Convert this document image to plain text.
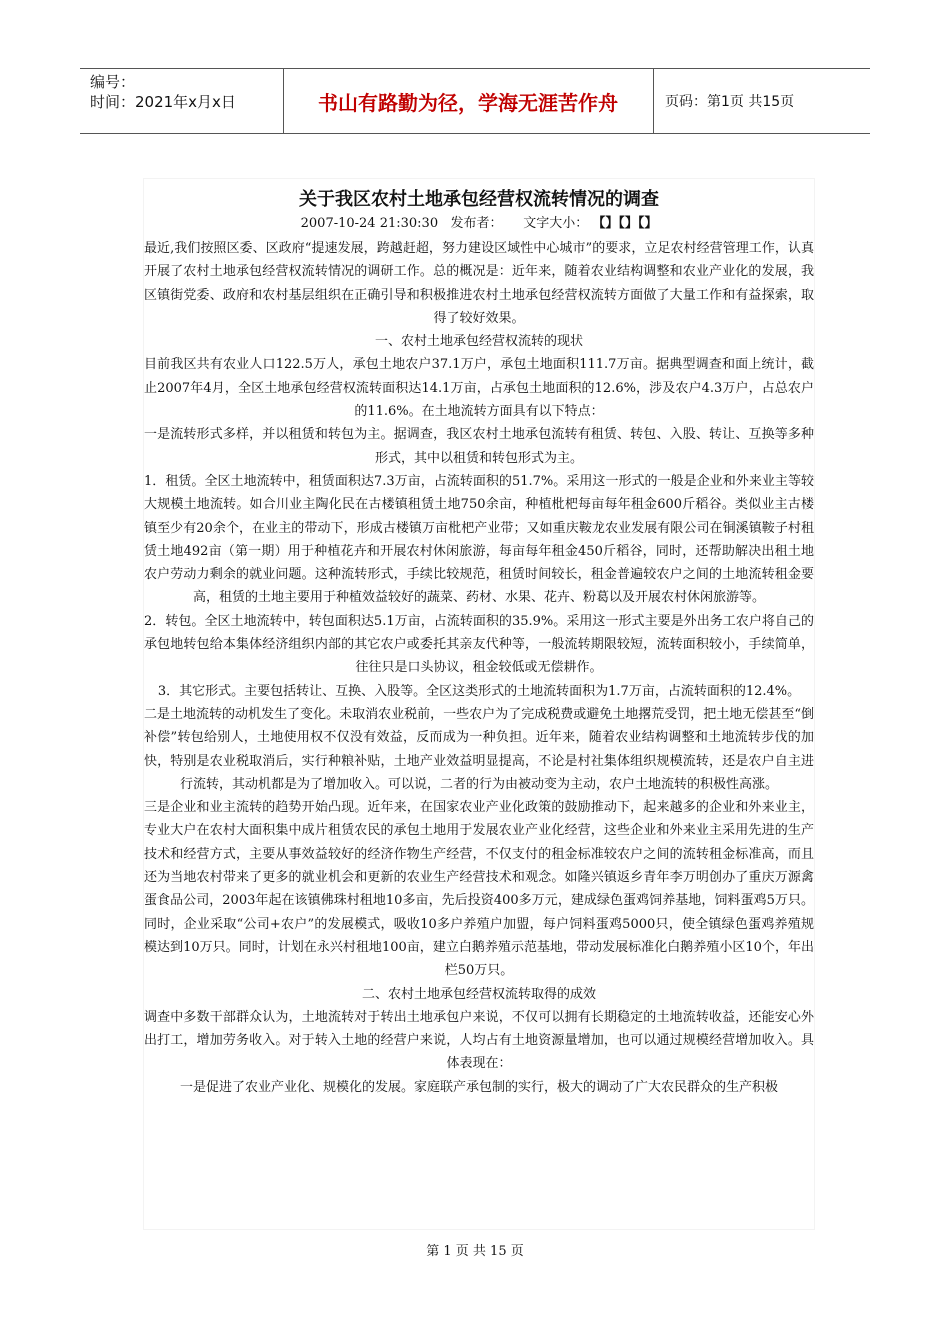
编号：
时间：2021年x月x日	书山有路勤为径，学海无涯苦作舟	页码：第1页 共15页
关于我区农村土地承包经营权流转情况的调查
2007-10-24 21:30:30 发布者： 文字大小： 【】【】【】

最近,我们按照区委、区政府“提速发展，跨越赶超，努力建设区域性中心城市”的要求，立足农村经营管理工作，认真开展了农村土地承包经营权流转情况的调研工作。总的概况是：近年来，随着农业结构调整和农业产业化的发展，我区镇街党委、政府和农村基层组织在正确引导和积极推进农村土地承包经营权流转方面做了大量工作和有益探索，取得了较好效果。

一、农村土地承包经营权流转的现状

目前我区共有农业人口122.5万人，承包土地农户37.1万户，承包土地面积111.7万亩。据典型调查和面上统计，截止2007年4月，全区土地承包经营权流转面积达14.1万亩，占承包土地面积的12.6%，涉及农户4.3万户，占总农户的11.6%。在土地流转方面具有以下特点：

一是流转形式多样，并以租赁和转包为主。据调查，我区农村土地承包流转有租赁、转包、入股、转让、互换等多种形式，其中以租赁和转包形式为主。

1．租赁。全区土地流转中，租赁面积达7.3万亩，占流转面积的51.7%。采用这一形式的一般是企业和外来业主等较大规模土地流转。如合川业主陶化民在古楼镇租赁土地750余亩，种植枇杷每亩每年租金600斤稻谷。类似业主古楼镇至少有20余个，在业主的带动下，形成古楼镇万亩枇杷产业带；又如重庆鞍龙农业发展有限公司在铜溪镇鞍子村租赁土地492亩（第一期）用于种植花卉和开展农村休闲旅游，每亩每年租金450斤稻谷，同时，还帮助解决出租土地农户劳动力剩余的就业问题。这种流转形式，手续比较规范，租赁时间较长，租金普遍较农户之间的土地流转租金要高，租赁的土地主要用于种植效益较好的蔬菜、药材、水果、花卉、粉葛以及开展农村休闲旅游等。

2．转包。全区土地流转中，转包面积达5.1万亩，占流转面积的35.9%。采用这一形式主要是外出务工农户将自己的承包地转包给本集体经济组织内部的其它农户或委托其亲友代种等，一般流转期限较短，流转面积较小，手续简单，往往只是口头协议，租金较低或无偿耕作。

3．其它形式。主要包括转让、互换、入股等。全区这类形式的土地流转面积为1.7万亩，占流转面积的12.4%。

二是土地流转的动机发生了变化。未取消农业税前，一些农户为了完成税费或避免土地撂荒受罚，把土地无偿甚至“倒补偿”转包给别人，土地使用权不仅没有效益，反而成为一种负担。近年来，随着农业结构调整和土地流转步伐的加快，特别是农业税取消后，实行种粮补贴，土地产业效益明显提高，不论是村社集体组织规模流转，还是农户自主进行流转，其动机都是为了增加收入。可以说，二者的行为由被动变为主动，农户土地流转的积极性高涨。

三是企业和业主流转的趋势开始凸现。近年来，在国家农业产业化政策的鼓励推动下，起来越多的企业和外来业主，专业大户在农村大面积集中成片租赁农民的承包土地用于发展农业产业化经营，这些企业和外来业主采用先进的生产技术和经营方式，主要从事效益较好的经济作物生产经营，不仅支付的租金标准较农户之间的流转租金标准高，而且还为当地农村带来了更多的就业机会和更新的农业生产经营技术和观念。如隆兴镇返乡青年李万明创办了重庆万源禽蛋食品公司，2003年起在该镇佛珠村租地10多亩，先后投资400多万元，建成绿色蛋鸡饲养基地，饲料蛋鸡5万只。同时，企业采取“公司+农户”的发展模式，吸收10多户养殖户加盟，每户饲料蛋鸡5000只，使全镇绿色蛋鸡养殖规模达到10万只。同时，计划在永兴村租地100亩，建立白鹅养殖示范基地，带动发展标准化白鹅养殖小区10个，年出栏50万只。

二、农村土地承包经营权流转取得的成效

调查中多数干部群众认为，土地流转对于转出土地承包户来说，不仅可以拥有长期稳定的土地流转收益，还能安心外出打工，增加劳务收入。对于转入土地的经营户来说，人均占有土地资源量增加，也可以通过规模经营增加收入。具体表现在：

一是促进了农业产业化、规模化的发展。家庭联产承包制的实行，极大的调动了广大农民群众的生产积极

第 1 页 共 15 页
